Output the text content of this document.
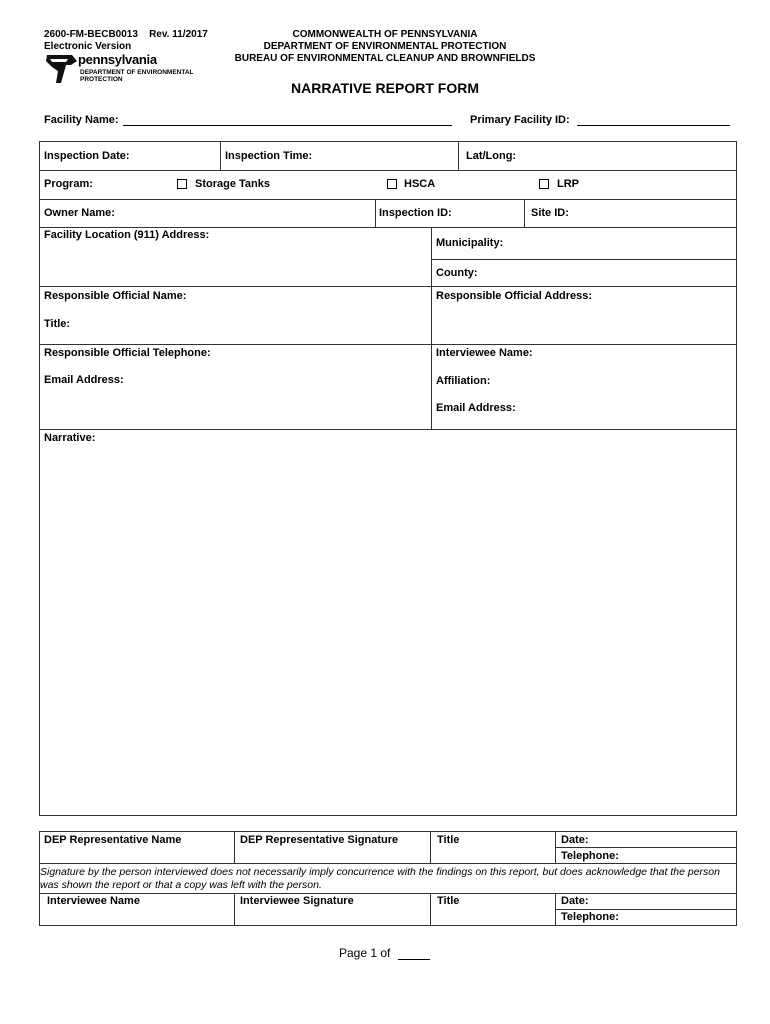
2600-FM-BECB0013 Rev. 11/2017
Electronic Version
pennsylvania
DEPARTMENT OF ENVIRONMENTAL
PROTECTION
COMMONWEALTH OF PENNSYLVANIA
DEPARTMENT OF ENVIRONMENTAL PROTECTION
BUREAU OF ENVIRONMENTAL CLEANUP AND BROWNFIELDS
NARRATIVE REPORT FORM
Facility Name:	Primary Facility ID:
Inspection Date:	Inspection Time:	Lat/Long:
Program:	Storage Tanks	HSCA	LRP
Owner Name:	Inspection ID:	Site ID:
Facility Location (911) Address:
Municipality:
County:
Responsible Official Name:	Responsible Official Address:
Title:
Responsible Official Telephone:	Interviewee Name:
Email Address:	Affiliation:
Email Address:
Narrative:
DEP Representative Name	DEP Representative Signature	Title	Date:
Telephone:
Signature by the person interviewed does not necessarily imply concurrence with the findings on this report, but does acknowledge that the person was shown the report or that a copy was left with the person.
Interviewee Name	Interviewee Signature	Title	Date:
Telephone:
Page 1 of
